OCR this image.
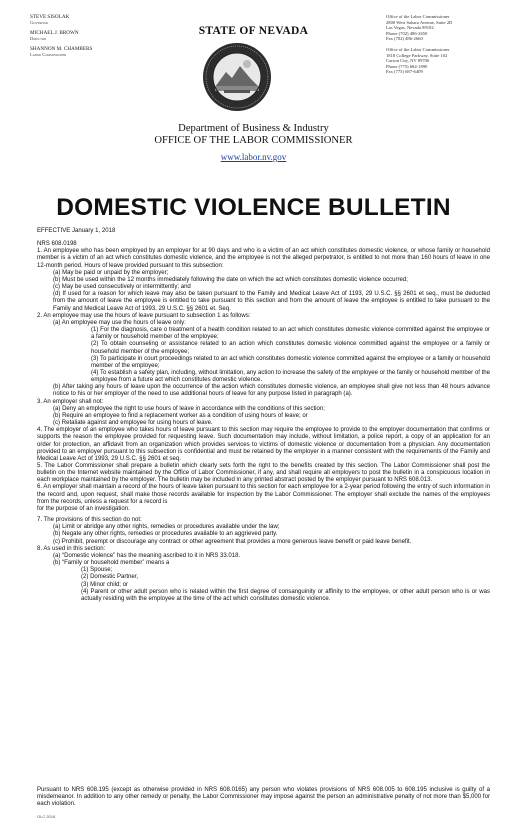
STEVE SISOLAK
Governor
MICHAEL J. BROWN
Director
SHANNON M. CHAMBERS
Labor Commissioner
STATE OF NEVADA
Department of Business & Industry
OFFICE OF THE LABOR COMMISSIONER
www.labor.nv.gov
Office of the Labor Commissioner
2800 West Sahara Avenue, Suite 2D
Las Vegas, Nevada 89102
Phone (702) 486-2650
Fax (702) 486-2660
Office of the Labor Commissioner
1818 College Parkway, Suite 102
Carson City, NV 89706
Phone (775) 684-1890
Fax (775) 687-6409
DOMESTIC VIOLENCE BULLETIN

EFFECTIVE January 1, 2018

NRS 608.0198

1. An employee who has been employed by an employer for at 90 days and who is a victim of an act which constitutes domestic violence, or whose family or household member is a victim of an act which constitutes domestic violence, and the employee is not the alleged perpetrator, is entitled to not more than 160 hours of leave in one 12-month period. Hours of leave provided pursuant to this subsection:

(a) May be paid or unpaid by the employer;

(b) Must be used within the 12 months immediately following the date on which the act which constitutes domestic violence occurred;

(c) May be used consecutively or intermittently; and

(d) If used for a reason for which leave may also be taken pursuant to the Family and Medical Leave Act of 1193, 29 U.S.C. §§ 2601 et seq., must be deducted from the amount of leave the employee is entitled to take pursuant to this section and from the amount of leave the employee is entitled to take pursuant to the Family and Medical Leave Act of 1993, 29 U.S.C. §§ 2601 et. Seq.

2. An employee may use the hours of leave pursuant to subsection 1 as follows:

(a) An employee may use the hours of leave only:

(1) For the diagnosis, care o treatment of a health condition related to an act which constitutes domestic violence committed against the employee or a family or household member of the employee;

(2) To obtain counseling or assistance related to an action which constitutes domestic violence committed against the employee or a family or household member of the employee;

(3) To participate in court proceedings related to an act which constitutes domestic violence committed against the employee or a family or household member of the employee;

(4) To establish a safety plan, including, without limitation, any action to increase the safety of the employee or the family or household member of the employee from a future act which constitutes domestic violence.

(b) After taking any hours of leave upon the occurrence of the action which constitutes domestic violence, an employee shall give not less than 48 hours advance notice to his or her employer of the need to use additional hours of leave for any purpose listed in paragraph (a).

3. An employer shall not:

(a) Deny an employee the right to use hours of leave in accordance with the conditions of this section;

(b) Require an employee to find a replacement worker as a condition of using hours of leave; or

(c) Retaliate against and employee for using hours of leave.

4. The employer of an employee who takes hours of leave pursuant to this section may require the employee to provide to the employer documentation that confirms or supports the reason the employee provided for requesting leave. Such documentation may include, without limitation, a police report, a copy of an application for an order for protection, an affidavit from an organization which provides services to victims of domestic violence or documentation from a physician. Any documentation provided to an employer pursuant to this subsection is confidential and must be retained by the employer in a manner consistent with the requirements of the Family and Medical Leave Act of 1993, 29 U.S.C. §§ 2601 et seq.

5. The Labor Commissioner shall prepare a bulletin which clearly sets forth the right to the benefits created by this section. The Labor Commissioner shall post the bulletin on the Internet website maintained by the Office of Labor Commissioner, if any, and shall require all employers to post the bulletin in a conspicuous location in each workplace maintained by the employer. The bulletin may be included in any printed abstract posted by the employer pursuant to NRS 608.013.

6. An employer shall maintain a record of the hours of leave taken pursuant to this section for each employee for a 2-year period following the entry of such information in the record and, upon request, shall make those records available for inspection by the Labor Commissioner. The employer shall exclude the names of the employees from the records, unless a request for a record is

for the purpose of an investigation.

7. The provisions of this section do not:

(a) Limit or abridge any other rights, remedies or procedures available under the law;

(b) Negate any other rights, remedies or procedures available to an aggrieved party.

(c) Prohibit, preempt or discourage any contract or other agreement that provides a more generous leave benefit or paid leave benefit.

8. As used in this section:

(a) “Domestic violence” has the meaning ascribed to it in NRS 33.018.

(b) “Family or household member” means a

(1) Spouse;

(2) Domestic Partner,

(3) Minor child; or

(4) Parent or other adult person who is related within the first degree of consanguinity or affinity to the employee, or other adult person who is or was actually residing with the employee at the time of the act which constitutes domestic violence.

Pursuant to NRS 608.195 (except as otherwise provided in NRS 608.0165) any person who violates provisions of NRS 608.005 to 608.195 inclusive is guilty of a misdemeanor. In addition to any other remedy or penalty, the Labor Commissioner may impose against the person an administrative penalty of not more than $5,000 for each violation.

OLC 2018
